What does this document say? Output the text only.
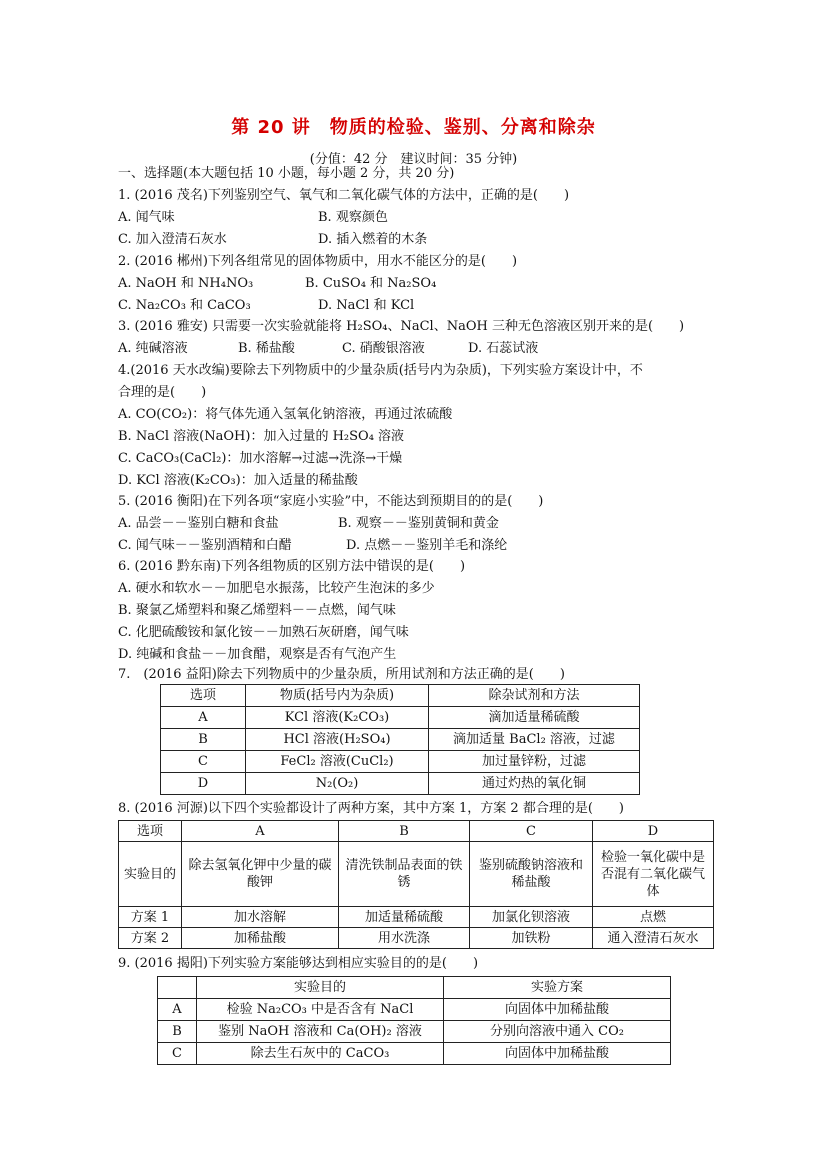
第 20 讲　物质的检验、鉴别、分离和除杂
(分值：42 分　建议时间：35 分钟)
一、选择题(本大题包括 10 小题，每小题 2 分，共 20 分)
1. (2016 茂名)下列鉴别空气、氧气和二氧化碳气体的方法中，正确的是(　　)
A. 闻气味	B. 观察颜色
C. 加入澄清石灰水	D. 插入燃着的木条
2. (2016 郴州)下列各组常见的固体物质中，用水不能区分的是(　　)
A. NaOH 和 NH₄NO₃	B. CuSO₄ 和 Na₂SO₄
C. Na₂CO₃ 和 CaCO₃	D. NaCl 和 KCl
3. (2016 雅安) 只需要一次实验就能将 H₂SO₄、NaCl、NaOH 三种无色溶液区别开来的是(　　)
A. 纯碱溶液	B. 稀盐酸	C. 硝酸银溶液	D. 石蕊试液
4.(2016 天水改编)要除去下列物质中的少量杂质(括号内为杂质)，下列实验方案设计中，不
合理的是(　　)
A. CO(CO₂)：将气体先通入氢氧化钠溶液，再通过浓硫酸
B. NaCl 溶液(NaOH)：加入过量的 H₂SO₄ 溶液
C. CaCO₃(CaCl₂)：加水溶解→过滤→洗涤→干燥
D. KCl 溶液(K₂CO₃)：加入适量的稀盐酸
5. (2016 衡阳)在下列各项“家庭小实验”中，不能达到预期目的的是(　　)
A. 品尝－－鉴别白糖和食盐	B. 观察－－鉴别黄铜和黄金
C. 闻气味－－鉴别酒精和白醋	D. 点燃－－鉴别羊毛和涤纶
6. (2016 黔东南)下列各组物质的区别方法中错误的是(　　)
A. 硬水和软水－－加肥皂水振荡，比较产生泡沫的多少
B. 聚氯乙烯塑料和聚乙烯塑料－－点燃，闻气味
C. 化肥硫酸铵和氯化铵－－加熟石灰研磨，闻气味
D. 纯碱和食盐－－加食醋，观察是否有气泡产生
7.　(2016 益阳)除去下列物质中的少量杂质，所用试剂和方法正确的是(　　)
选项	物质(括号内为杂质)	除杂试剂和方法
A	KCl 溶液(K₂CO₃)	滴加适量稀硫酸
B	HCl 溶液(H₂SO₄)	滴加适量 BaCl₂ 溶液，过滤
C	FeCl₂ 溶液(CuCl₂)	加过量锌粉，过滤
D	N₂(O₂)	通过灼热的氧化铜
8. (2016 河源)以下四个实验都设计了两种方案，其中方案 1，方案 2 都合理的是(　　)
选项	A	B	C	D
实验目的	除去氢氧化钾中少量的碳酸钾	清洗铁制品表面的铁锈	鉴别硫酸钠溶液和稀盐酸	检验一氧化碳中是否混有二氧化碳气体
方案 1	加水溶解	加适量稀硫酸	加氯化钡溶液	点燃
方案 2	加稀盐酸	用水洗涤	加铁粉	通入澄清石灰水
9. (2016 揭阳)下列实验方案能够达到相应实验目的的是(　　)
	实验目的	实验方案
A	检验 Na₂CO₃ 中是否含有 NaCl	向固体中加稀盐酸
B	鉴别 NaOH 溶液和 Ca(OH)₂ 溶液	分别向溶液中通入 CO₂
C	除去生石灰中的 CaCO₃	向固体中加稀盐酸
